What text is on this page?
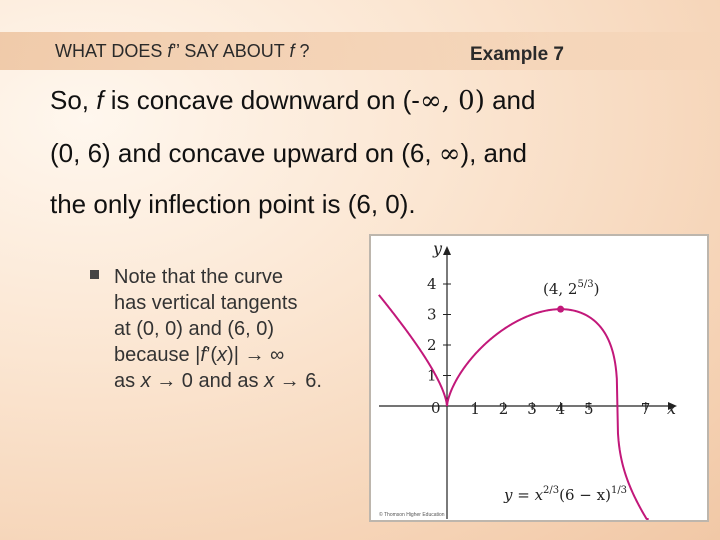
WHAT DOES f’’ SAY ABOUT f ?	Example 7
So, f is concave downward on (-∞, 0) and
(0, 6) and concave upward on (6, ∞), and
the only inflection point is (6, 0).
Note that the curve
has vertical tangents
at (0, 0) and (6, 0)
because |f’(x)| → ∞
as x → 0 and as x → 6.
x
y
0 1 2 3 4 5	7
1
2
3
4	(4, $2^{5/3}$)
$y = x^{2/3}(6 - x)^{1/3}$
© Thomson Higher Education
